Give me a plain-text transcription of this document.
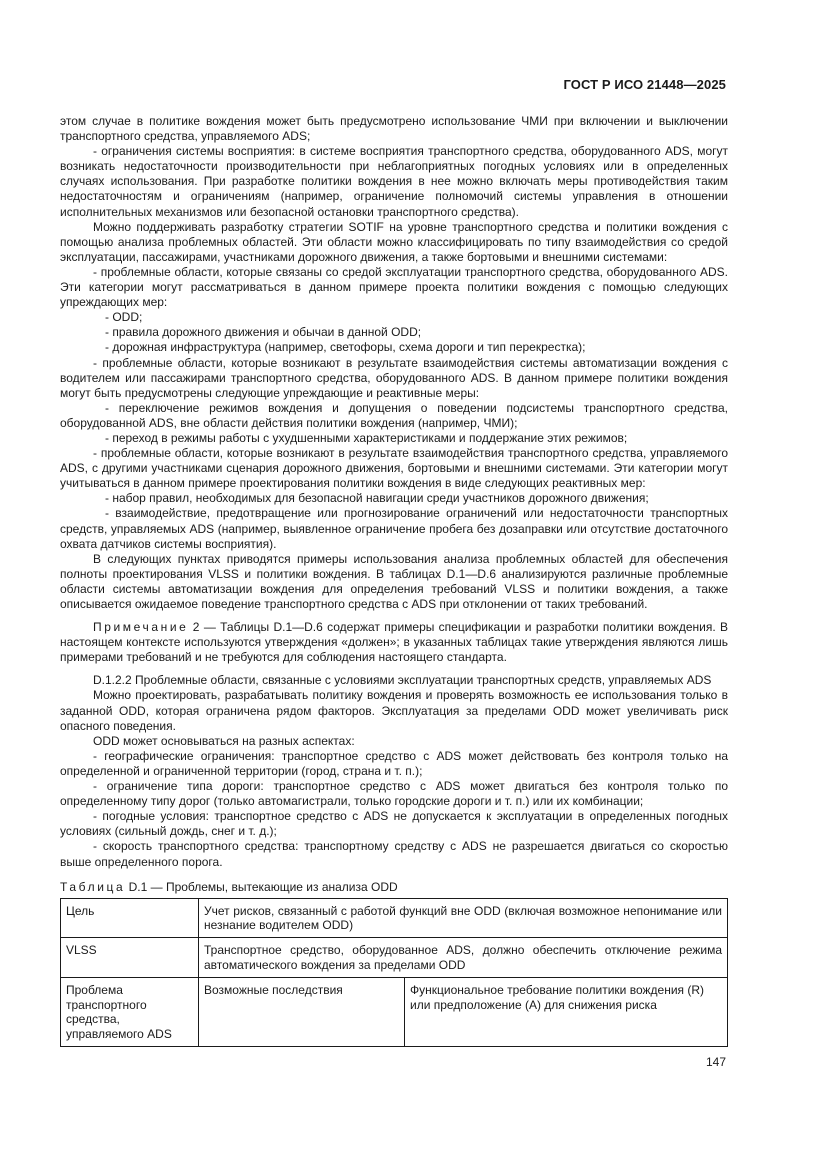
ГОСТ Р ИСО 21448—2025

этом случае в политике вождения может быть предусмотрено использование ЧМИ при включении и выключении транспортного средства, управляемого ADS;

- ограничения системы восприятия: в системе восприятия транспортного средства, оборудованного ADS, могут возникать недостаточности производительности при неблагоприятных погодных условиях или в определенных случаях использования. При разработке политики вождения в нее можно включать меры противодействия таким недостаточностям и ограничениям (например, ограничение полномочий системы управления в отношении исполнительных механизмов или безопасной остановки транспортного средства).

Можно поддерживать разработку стратегии SOTIF на уровне транспортного средства и политики вождения с помощью анализа проблемных областей. Эти области можно классифицировать по типу взаимодействия со средой эксплуатации, пассажирами, участниками дорожного движения, а также бортовыми и внешними системами:

- проблемные области, которые связаны со средой эксплуатации транспортного средства, оборудованного ADS. Эти категории могут рассматриваться в данном примере проекта политики вождения с помощью следующих упреждающих мер:

- ODD;

- правила дорожного движения и обычаи в данной ODD;

- дорожная инфраструктура (например, светофоры, схема дороги и тип перекрестка);

- проблемные области, которые возникают в результате взаимодействия системы автоматизации вождения с водителем или пассажирами транспортного средства, оборудованного ADS. В данном примере политики вождения могут быть предусмотрены следующие упреждающие и реактивные меры:

- переключение режимов вождения и допущения о поведении подсистемы транспортного средства, оборудованной ADS, вне области действия политики вождения (например, ЧМИ);

- переход в режимы работы с ухудшенными характеристиками и поддержание этих режимов;

- проблемные области, которые возникают в результате взаимодействия транспортного средства, управляемого ADS, с другими участниками сценария дорожного движения, бортовыми и внешними системами. Эти категории могут учитываться в данном примере проектирования политики вождения в виде следующих реактивных мер:

- набор правил, необходимых для безопасной навигации среди участников дорожного движения;

- взаимодействие, предотвращение или прогнозирование ограничений или недостаточности транспортных средств, управляемых ADS (например, выявленное ограничение пробега без дозаправки или отсутствие достаточного охвата датчиков системы восприятия).

В следующих пунктах приводятся примеры использования анализа проблемных областей для обеспечения полноты проектирования VLSS и политики вождения. В таблицах D.1—D.6 анализируются различные проблемные области системы автоматизации вождения для определения требований VLSS и политики вождения, а также описывается ожидаемое поведение транспортного средства с ADS при отклонении от таких требований.

Примечание 2 — Таблицы D.1—D.6 содержат примеры спецификации и разработки политики вождения. В настоящем контексте используются утверждения «должен»; в указанных таблицах такие утверждения являются лишь примерами требований и не требуются для соблюдения настоящего стандарта.

D.1.2.2 Проблемные области, связанные с условиями эксплуатации транспортных средств, управляемых ADS

Можно проектировать, разрабатывать политику вождения и проверять возможность ее использования только в заданной ODD, которая ограничена рядом факторов. Эксплуатация за пределами ODD может увеличивать риск опасного поведения.

ODD может основываться на разных аспектах:

- географические ограничения: транспортное средство с ADS может действовать без контроля только на определенной и ограниченной территории (город, страна и т. п.);

- ограничение типа дороги: транспортное средство с ADS может двигаться без контроля только по определенному типу дорог (только автомагистрали, только городские дороги и т. п.) или их комбинации;

- погодные условия: транспортное средство с ADS не допускается к эксплуатации в определенных погодных условиях (сильный дождь, снег и т. д.);

- скорость транспортного средства: транспортному средству с ADS не разрешается двигаться со скоростью выше определенного порога.

Таблица D.1 — Проблемы, вытекающие из анализа ODD

Цель	Учет рисков, связанный с работой функций вне ODD (включая возможное непонимание или незнание водителем ODD)	
VLSS	Транспортное средство, оборудованное ADS, должно обеспечить отключение режима автоматического вождения за пределами ODD	
Проблема транспортного средства, управляемого ADS	Возможные последствия	Функциональное требование политики вождения (R) или предположение (А) для снижения риска
147
